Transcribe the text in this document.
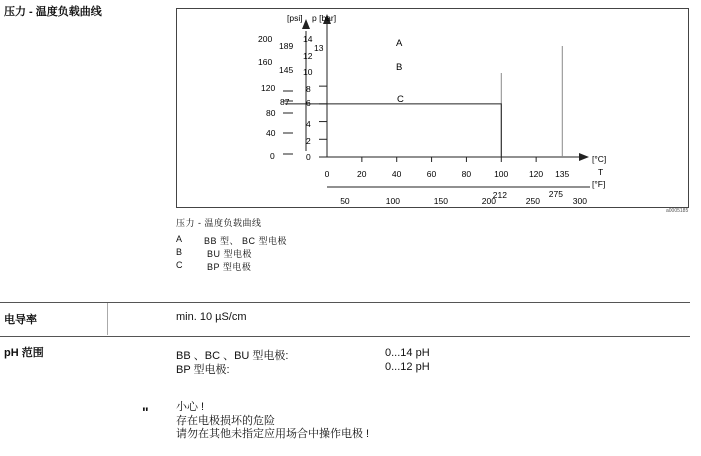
压力 - 温度负载曲线	[psi] p [bar]
[°C]
T
[°F]
14
13
12
10
8
6
4
2
0
200
189
160
145
120
87
80
40
0
0	20	40	60	80	100 120 135
50	100	150	200
212
250
275
300
A
B
C
压力 - 温度负载曲线
A BB 型、 BC 型电极
B	BU 型电极
C	BP 型电极
a0005185
电导率	min. 10 µS/cm
pH 范围	BB 、BC 、BU 型电极:	0...14 pH
BP 型电极:	0...12 pH
" 小心 !
存在电极损坏的危险
请勿在其他未指定应用场合中操作电极 !
